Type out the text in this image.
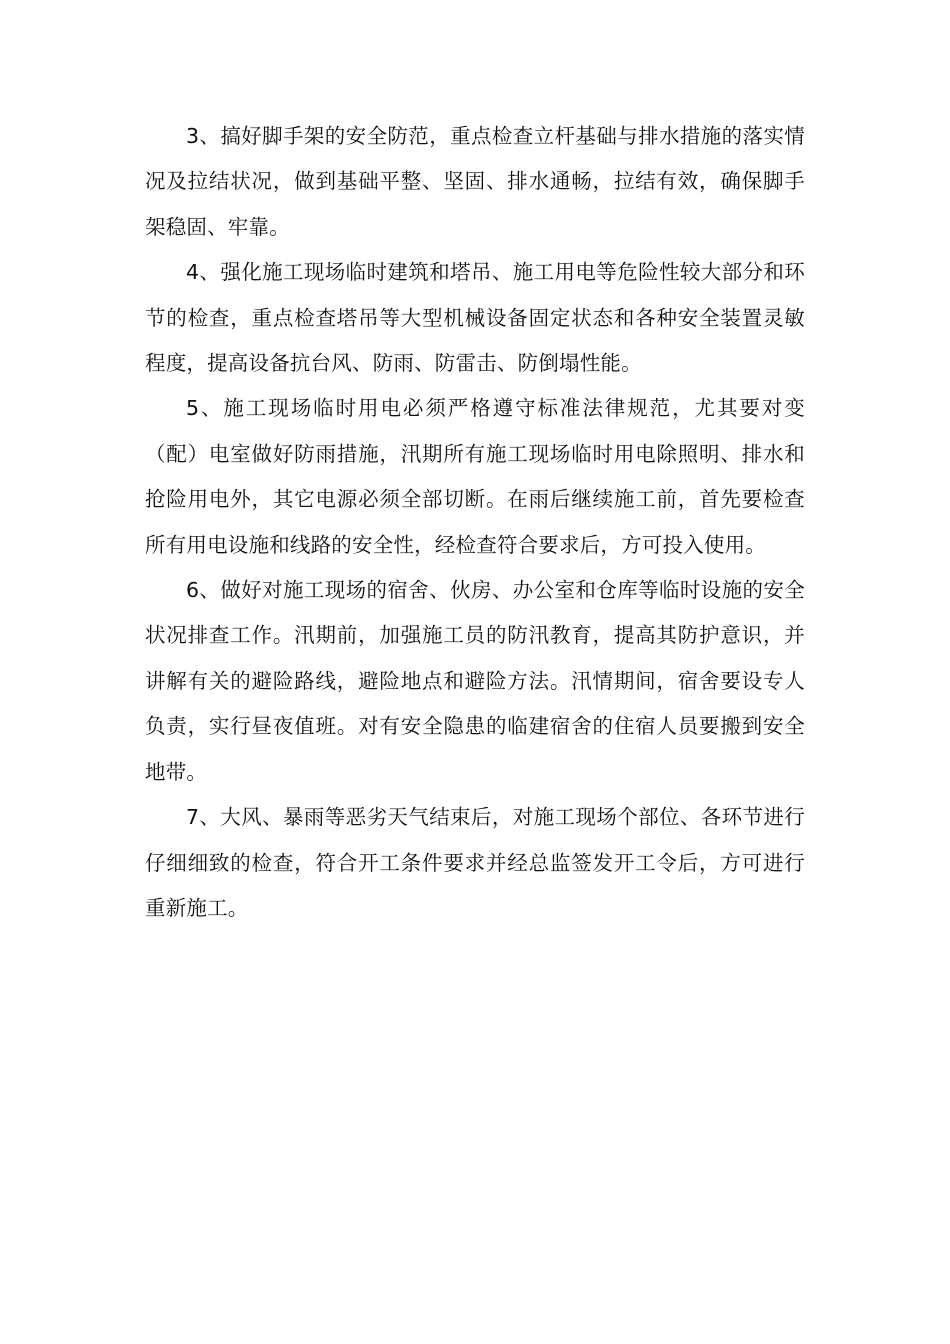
3、搞好脚手架的安全防范，重点检查立杆基础与排水措施的落实情况及拉结状况，做到基础平整、坚固、排水通畅，拉结有效，确保脚手架稳固、牢靠。

4、强化施工现场临时建筑和塔吊、施工用电等危险性较大部分和环节的检查，重点检查塔吊等大型机械设备固定状态和各种安全装置灵敏程度，提高设备抗台风、防雨、防雷击、防倒塌性能。

5、施工现场临时用电必须严格遵守标准法律规范，尤其要对变（配）电室做好防雨措施，汛期所有施工现场临时用电除照明、排水和抢险用电外，其它电源必须全部切断。在雨后继续施工前，首先要检查所有用电设施和线路的安全性，经检查符合要求后，方可投入使用。

6、做好对施工现场的宿舍、伙房、办公室和仓库等临时设施的安全状况排查工作。汛期前，加强施工员的防汛教育，提高其防护意识，并讲解有关的避险路线，避险地点和避险方法。汛情期间，宿舍要设专人负责，实行昼夜值班。对有安全隐患的临建宿舍的住宿人员要搬到安全地带。

7、大风、暴雨等恶劣天气结束后，对施工现场个部位、各环节进行仔细细致的检查，符合开工条件要求并经总监签发开工令后，方可进行重新施工。
